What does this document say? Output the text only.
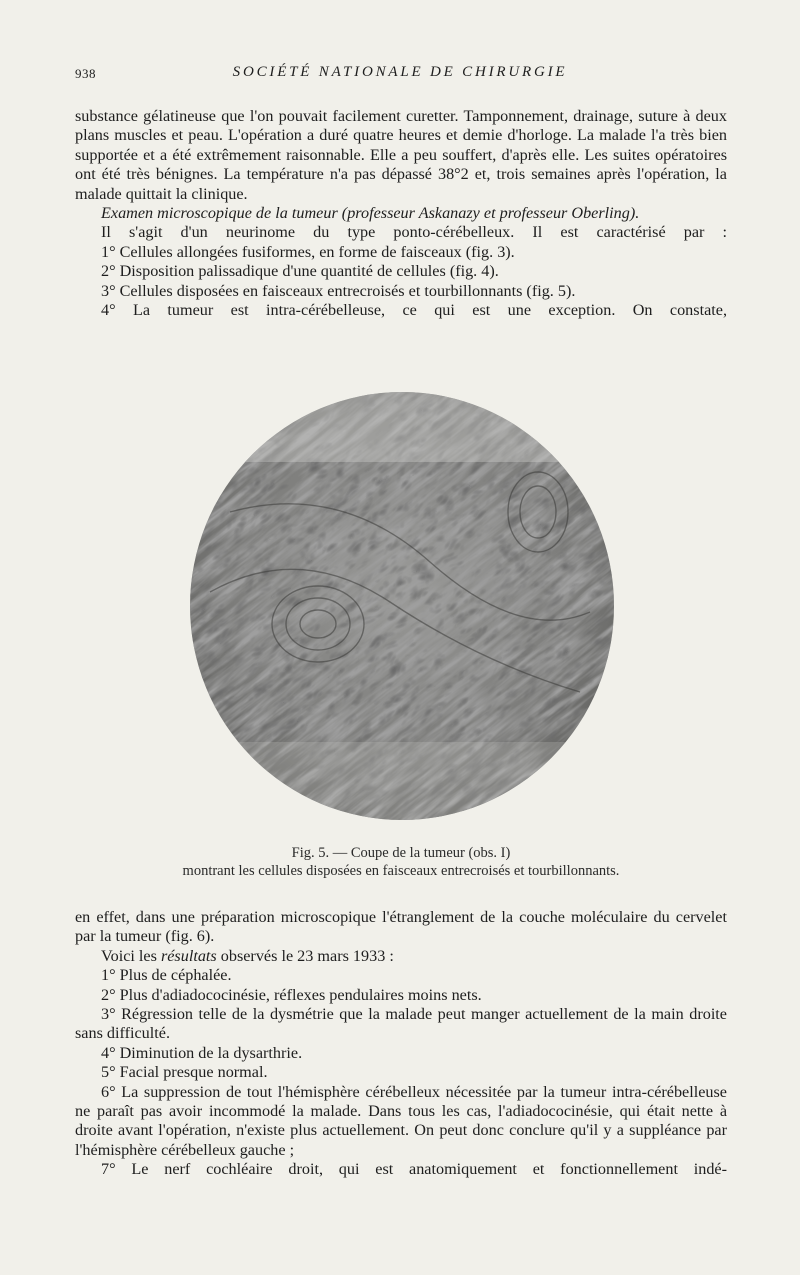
938	SOCIÉTÉ NATIONALE DE CHIRURGIE

substance gélatineuse que l'on pouvait facilement curetter. Tamponnement, drainage, suture à deux plans muscles et peau. L'opération a duré quatre heures et demie d'horloge. La malade l'a très bien supportée et a été extrêmement raisonnable. Elle a peu souffert, d'après elle. Les suites opératoires ont été très bénignes. La température n'a pas dépassé 38°2 et, trois semaines après l'opération, la malade quittait la clinique.

Examen microscopique de la tumeur (professeur Askanazy et professeur Oberling).

Il s'agit d'un neurinome du type ponto-cérébelleux. Il est caractérisé par :

1° Cellules allongées fusiformes, en forme de faisceaux (fig. 3).

2° Disposition palissadique d'une quantité de cellules (fig. 4).

3° Cellules disposées en faisceaux entrecroisés et tourbillonnants (fig. 5).

4° La tumeur est intra-cérébelleuse, ce qui est une exception. On constate,

Fig. 5. — Coupe de la tumeur (obs. I)
montrant les cellules disposées en faisceaux entrecroisés et tourbillonnants.

en effet, dans une préparation microscopique l'étranglement de la couche moléculaire du cervelet par la tumeur (fig. 6).

Voici les résultats observés le 23 mars 1933 :

1° Plus de céphalée.

2° Plus d'adiadococinésie, réflexes pendulaires moins nets.

3° Régression telle de la dysmétrie que la malade peut manger actuellement de la main droite sans difficulté.

4° Diminution de la dysarthrie.

5° Facial presque normal.

6° La suppression de tout l'hémisphère cérébelleux nécessitée par la tumeur intra-cérébelleuse ne paraît pas avoir incommodé la malade. Dans tous les cas, l'adiadococinésie, qui était nette à droite avant l'opération, n'existe plus actuellement. On peut donc conclure qu'il y a suppléance par l'hémisphère cérébelleux gauche ;

7° Le nerf cochléaire droit, qui est anatomiquement et fonctionnellement indé-
